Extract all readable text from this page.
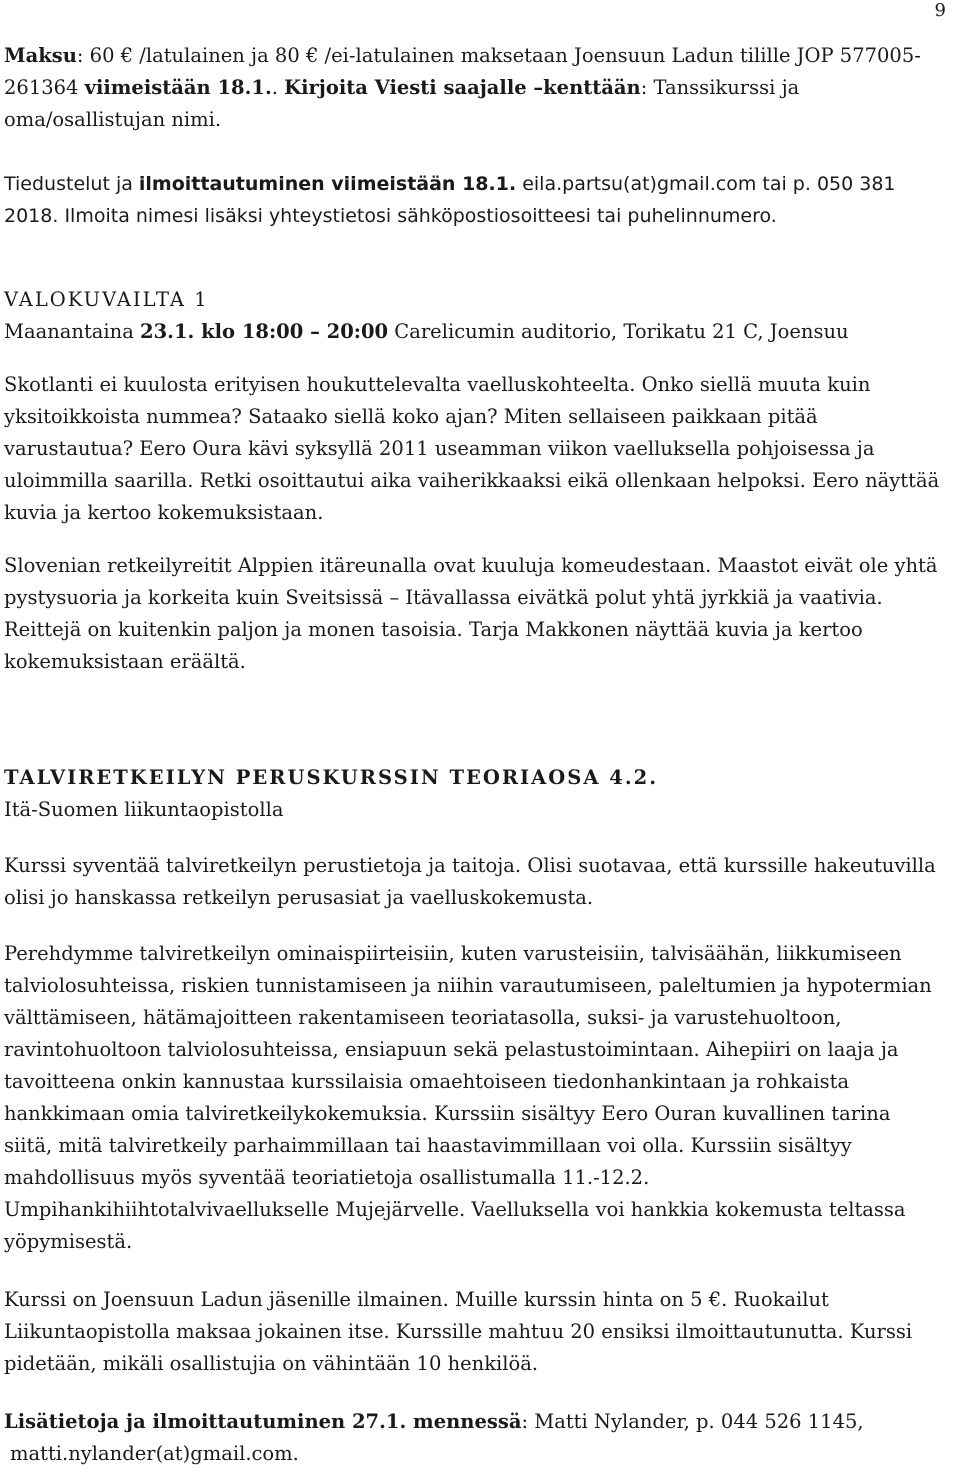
9

Maksu: 60 € /latulainen ja 80 € /ei-latulainen maksetaan Joensuun Ladun tilille JOP 577005-261364 viimeistään 18.1.. Kirjoita Viesti saajalle –kenttään: Tanssikurssi ja oma/osallistujan nimi.

Tiedustelut ja ilmoittautuminen viimeistään 18.1. eila.partsu(at)gmail.com tai p. 050 381 2018. Ilmoita nimesi lisäksi yhteystietosi sähköpostiosoitteesi tai puhelinnumero.

VALOKUVAILTA 1

Maanantaina 23.1. klo 18:00 – 20:00 Carelicumin auditorio, Torikatu 21 C, Joensuu

Skotlanti ei kuulosta erityisen houkuttelevalta vaelluskohteelta. Onko siellä muuta kuin yksitoikkoista nummea? Sataako siellä koko ajan? Miten sellaiseen paikkaan pitää varustautua? Eero Oura kävi syksyllä 2011 useamman viikon vaelluksella pohjoisessa ja uloimmilla saarilla. Retki osoittautui aika vaiherikkaaksi eikä ollenkaan helpoksi. Eero näyttää kuvia ja kertoo kokemuksistaan.

Slovenian retkeilyreitit Alppien itäreunalla ovat kuuluja komeudestaan. Maastot eivät ole yhtä pystysuoria ja korkeita kuin Sveitsissä – Itävallassa eivätkä polut yhtä jyrkkiä ja vaativia. Reittejä on kuitenkin paljon ja monen tasoisia. Tarja Makkonen näyttää kuvia ja kertoo kokemuksistaan eräältä.

TALVIRETKEILYN PERUSKURSSIN TEORIAOSA 4.2.

Itä-Suomen liikuntaopistolla

Kurssi syventää talviretkeilyn perustietoja ja taitoja. Olisi suotavaa, että kurssille hakeutuvilla olisi jo hanskassa retkeilyn perusasiat ja vaelluskokemusta.

Perehdymme talviretkeilyn ominaispiirteisiin, kuten varusteisiin, talvisäähän, liikkumiseen talviolosuhteissa, riskien tunnistamiseen ja niihin varautumiseen, paleltumien ja hypotermian välttämiseen, hätämajoitteen rakentamiseen teoriatasolla, suksi- ja varustehuoltoon, ravintohuoltoon talviolosuhteissa, ensiapuun sekä pelastustoimintaan. Aihepiiri on laaja ja tavoitteena onkin kannustaa kurssilaisia omaehtoiseen tiedonhankintaan ja rohkaista hankkimaan omia talviretkeilykokemuksia. Kurssiin sisältyy Eero Ouran kuvallinen tarina siitä, mitä talviretkeily parhaimmillaan tai haastavimmillaan voi olla. Kurssiin sisältyy mahdollisuus myös syventää teoriatietoja osallistumalla 11.-12.2. Umpihankihiihtotalvivaellukselle Mujejärvelle. Vaelluksella voi hankkia kokemusta teltassa yöpymisestä.

Kurssi on Joensuun Ladun jäsenille ilmainen. Muille kurssin hinta on 5 €. Ruokailut Liikuntaopistolla maksaa jokainen itse. Kurssille mahtuu 20 ensiksi ilmoittautunutta. Kurssi pidetään, mikäli osallistujia on vähintään 10 henkilöä.

Lisätietoja ja ilmoittautuminen 27.1. mennessä: Matti Nylander, p. 044 526 1145,

matti.nylander(at)gmail.com.
